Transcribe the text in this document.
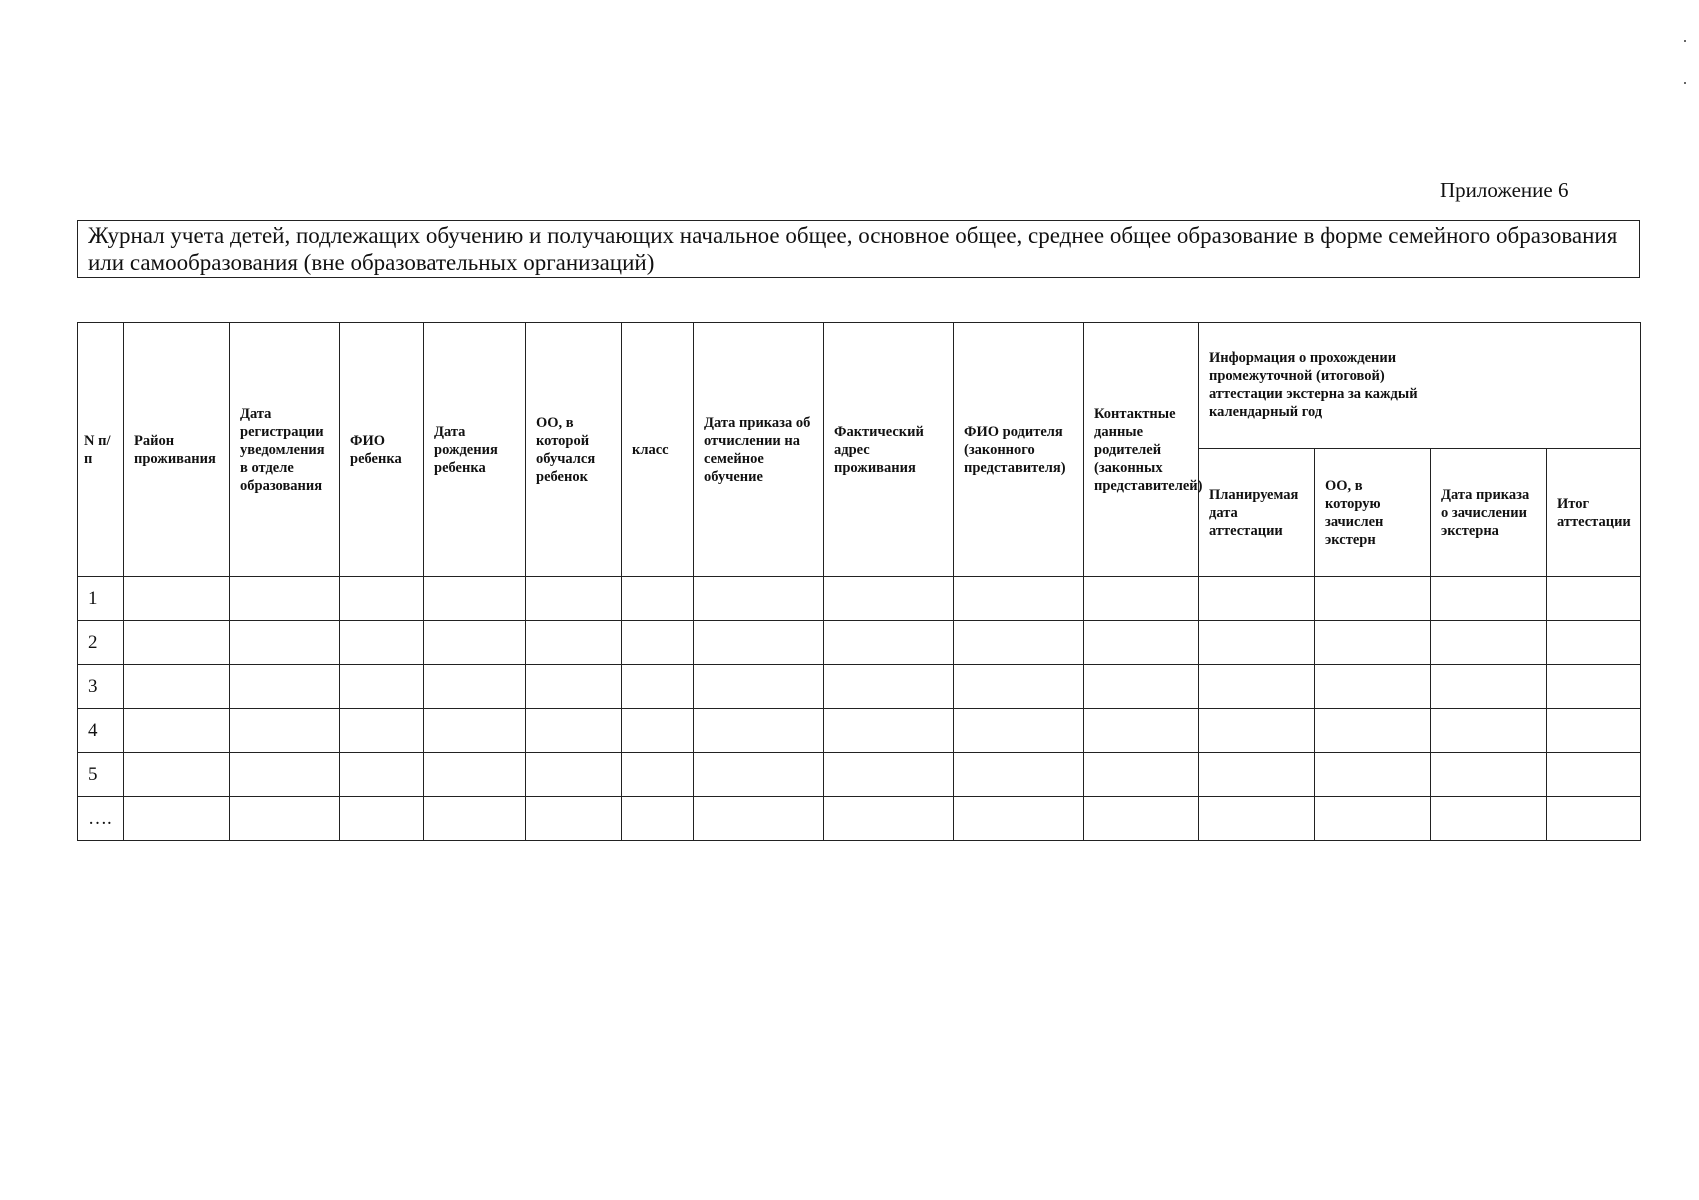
Приложение 6
Журнал учета детей, подлежащих обучению и получающих начальное общее, основное общее, среднее общее образование в форме семейного образования или самообразования (вне образовательных организаций)
N п/п	Район проживания	Дата регистрации уведомления в отделе образования	ФИО ребенка	Дата рождения ребенка	ОО, в которой обучался ребенок	класс	Дата приказа об отчислении на семейное обучение	Фактический адрес проживания	ФИО родителя (законного представителя)	Контактные данные родителей (законных представителей)	Информация о прохождении промежуточной (итоговой) аттестации экстерна за каждый календарный год			
											Планируемая дата аттестации	ОО, в которую зачислен экстерн	Дата приказа о зачислении экстерна	Итог аттестации
1														
2														
3														
4														
5														
….														
